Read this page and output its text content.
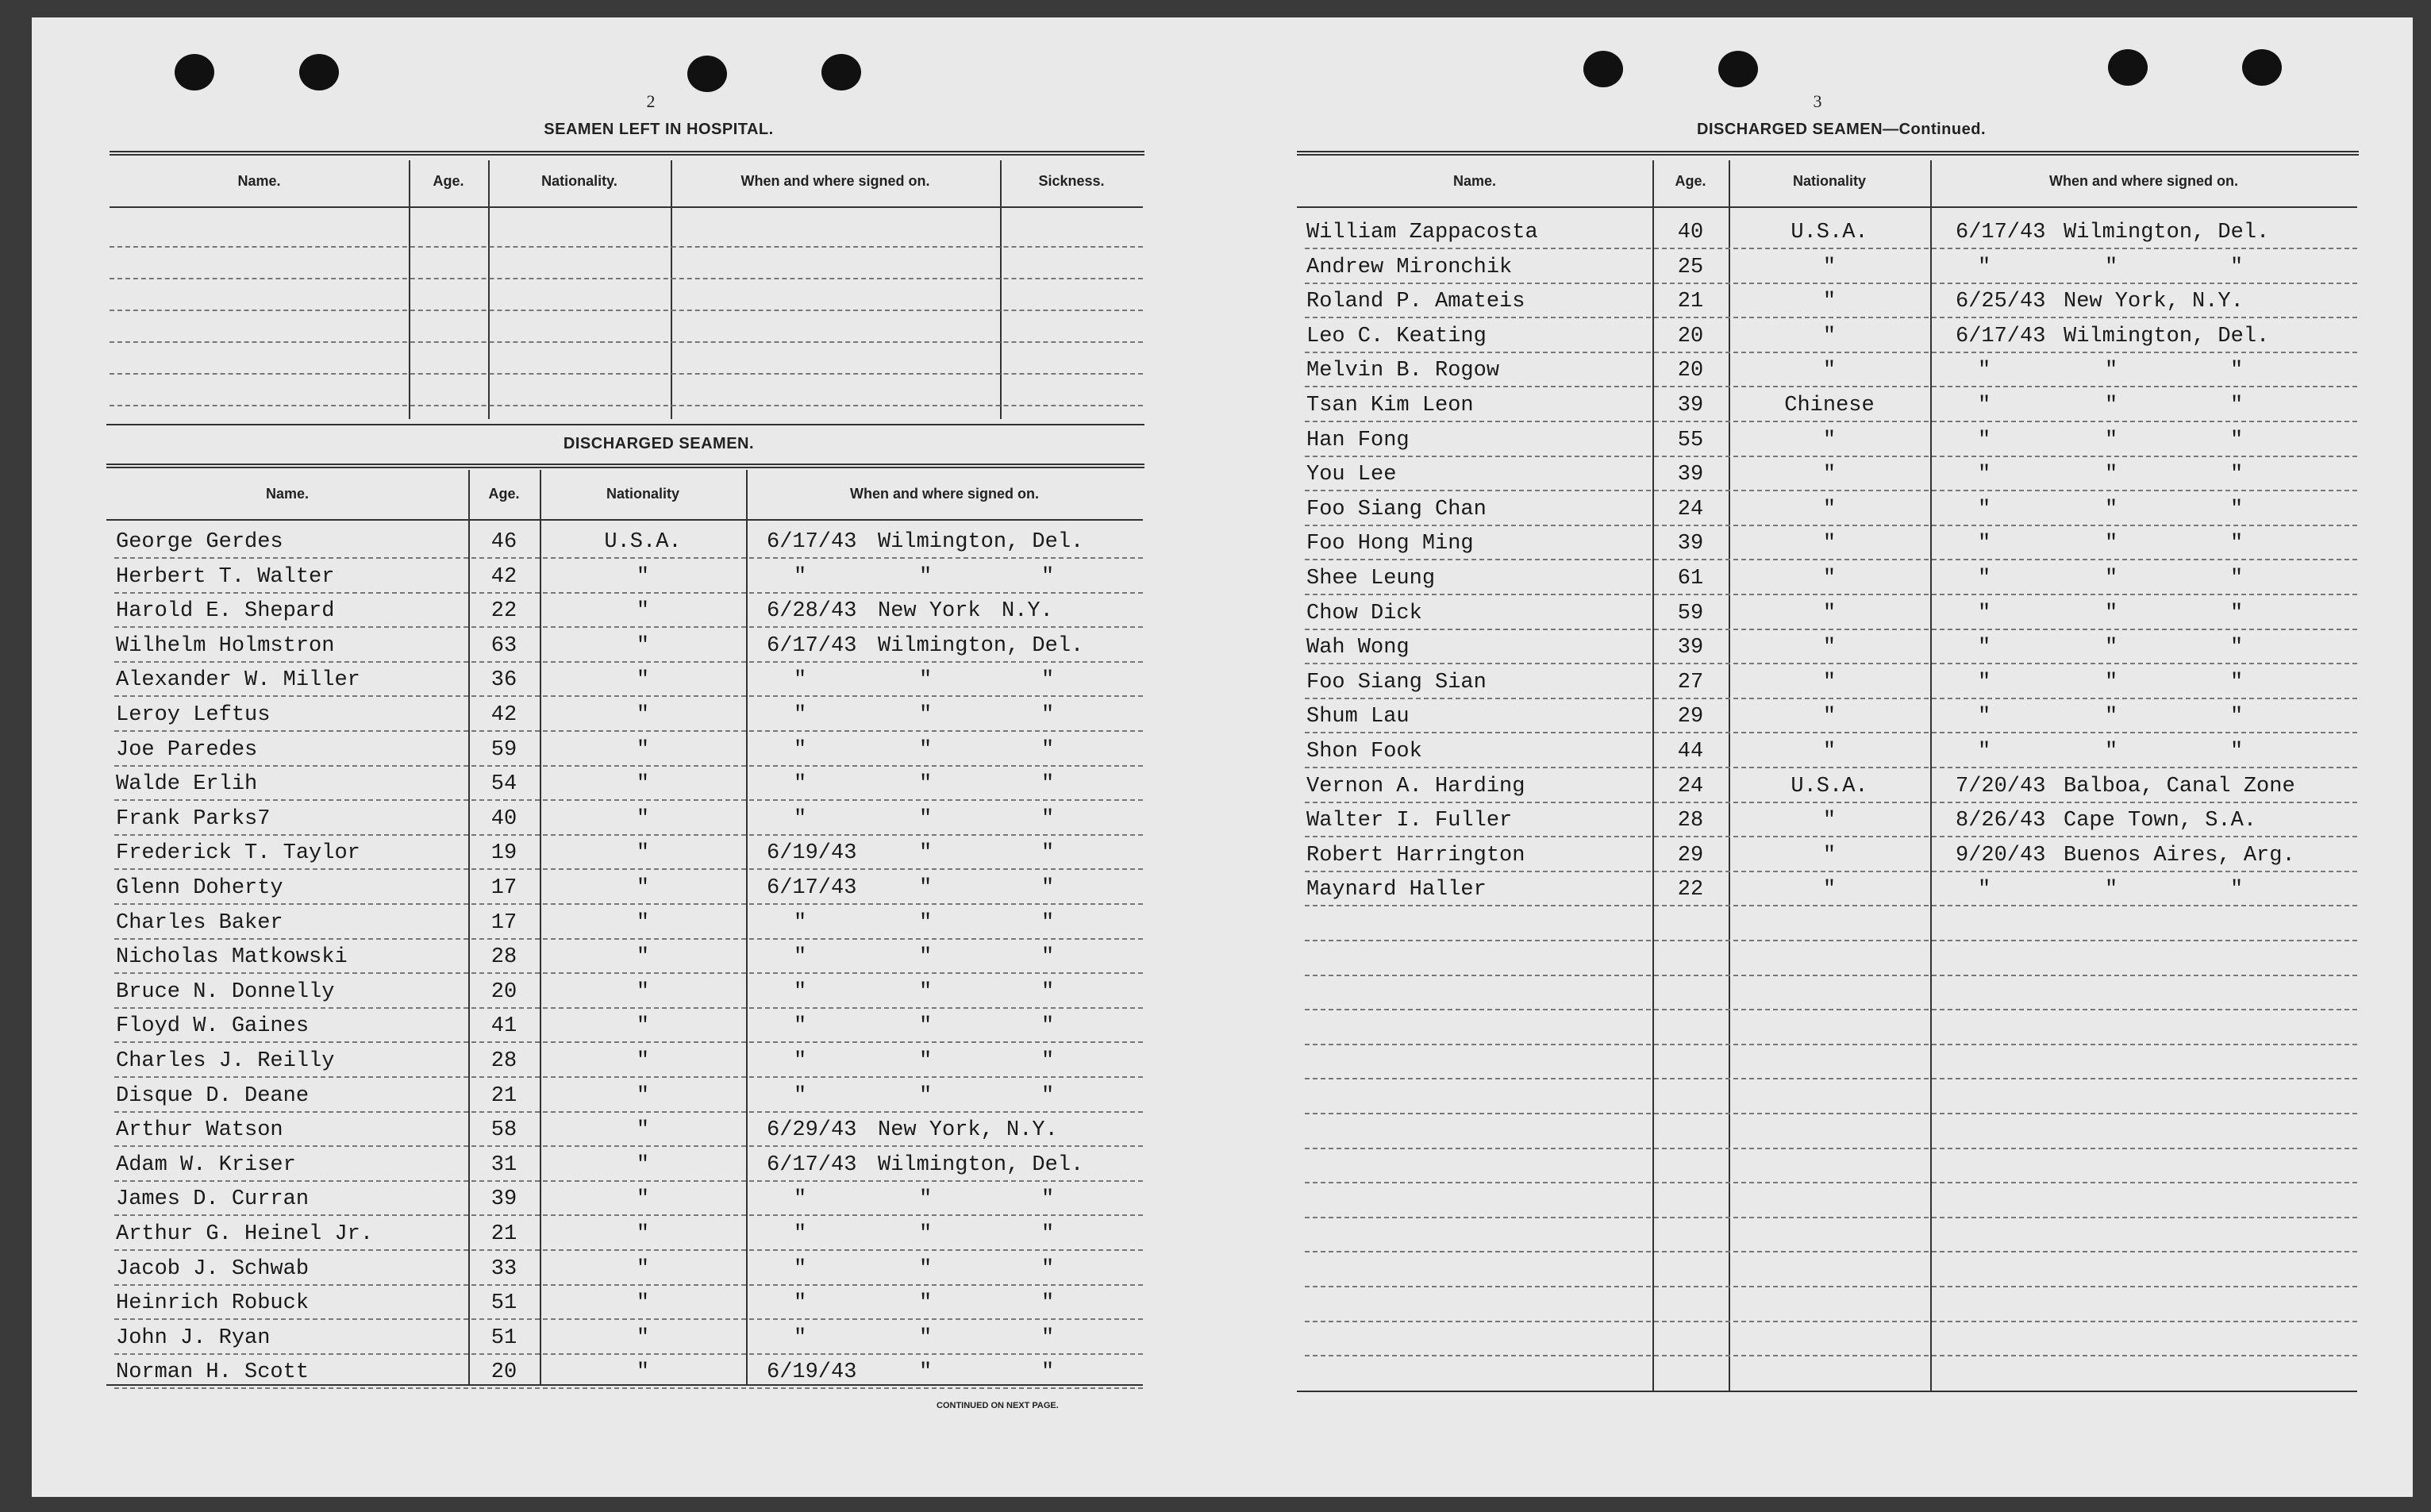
2
SEAMEN LEFT IN HOSPITAL.
Name.	Age.	Nationality.	When and where signed on.	Sickness.
DISCHARGED SEAMEN.
Name.	Age.	Nationality	When and where signed on.
George Gerdes	46	U.S.A.	6/17/43 Wilmington, Del.
Herbert T. Walter	42	"	"	"	"
Harold E. Shepard	22	"	6/28/43 New York N.Y.
Wilhelm Holmstron	63	"	6/17/43 Wilmington, Del.
Alexander W. Miller	36	"	"	"	"
Leroy Leftus	42	"	"	"	"
Joe Paredes	59	"	"	"	"
Walde Erlih	54	"	"	"	"
Frank Parks7	40	"	"	"	"
Frederick T. Taylor	19	"	6/19/43	"	"
Glenn Doherty	17	"	6/17/43	"	"
Charles Baker	17	"	"	"	"
Nicholas Matkowski	28	"	"	"	"
Bruce N. Donnelly	20	"	"	"	"
Floyd W. Gaines	41	"	"	"	"
Charles J. Reilly	28	"	"	"	"
Disque D. Deane	21	"	"	"	"
Arthur Watson	58	"	6/29/43 New York, N.Y.
Adam W. Kriser	31	"	6/17/43 Wilmington, Del.
James D. Curran	39	"	"	"	"
Arthur G. Heinel Jr.	21	"	"	"	"
Jacob J. Schwab	33	"	"	"	"
Heinrich Robuck	51	"	"	"	"
John J. Ryan	51	"	"	"	"
Norman H. Scott	20	"	6/19/43	"	"
CONTINUED ON NEXT PAGE.
3
DISCHARGED SEAMEN—Continued.
Name.	Age.	Nationality	When and where signed on.
William Zappacosta	40	U.S.A.	6/17/43 Wilmington, Del.
Andrew Mironchik	25	"	"	"	"
Roland P. Amateis	21	"	6/25/43 New York, N.Y.
Leo C. Keating	20	"	6/17/43 Wilmington, Del.
Melvin B. Rogow	20	"	"	"	"
Tsan Kim Leon	39	Chinese	"	"	"
Han Fong	55	"	"	"	"
You Lee	39	"	"	"	"
Foo Siang Chan	24	"	"	"	"
Foo Hong Ming	39	"	"	"	"
Shee Leung	61	"	"	"	"
Chow Dick	59	"	"	"	"
Wah Wong	39	"	"	"	"
Foo Siang Sian	27	"	"	"	"
Shum Lau	29	"	"	"	"
Shon Fook	44	"	"	"	"
Vernon A. Harding	24	U.S.A.	7/20/43 Balboa, Canal Zone
Walter I. Fuller	28	"	8/26/43 Cape Town, S.A.
Robert Harrington	29	"	9/20/43 Buenos Aires, Arg.
Maynard Haller	22	"	"	"	"
